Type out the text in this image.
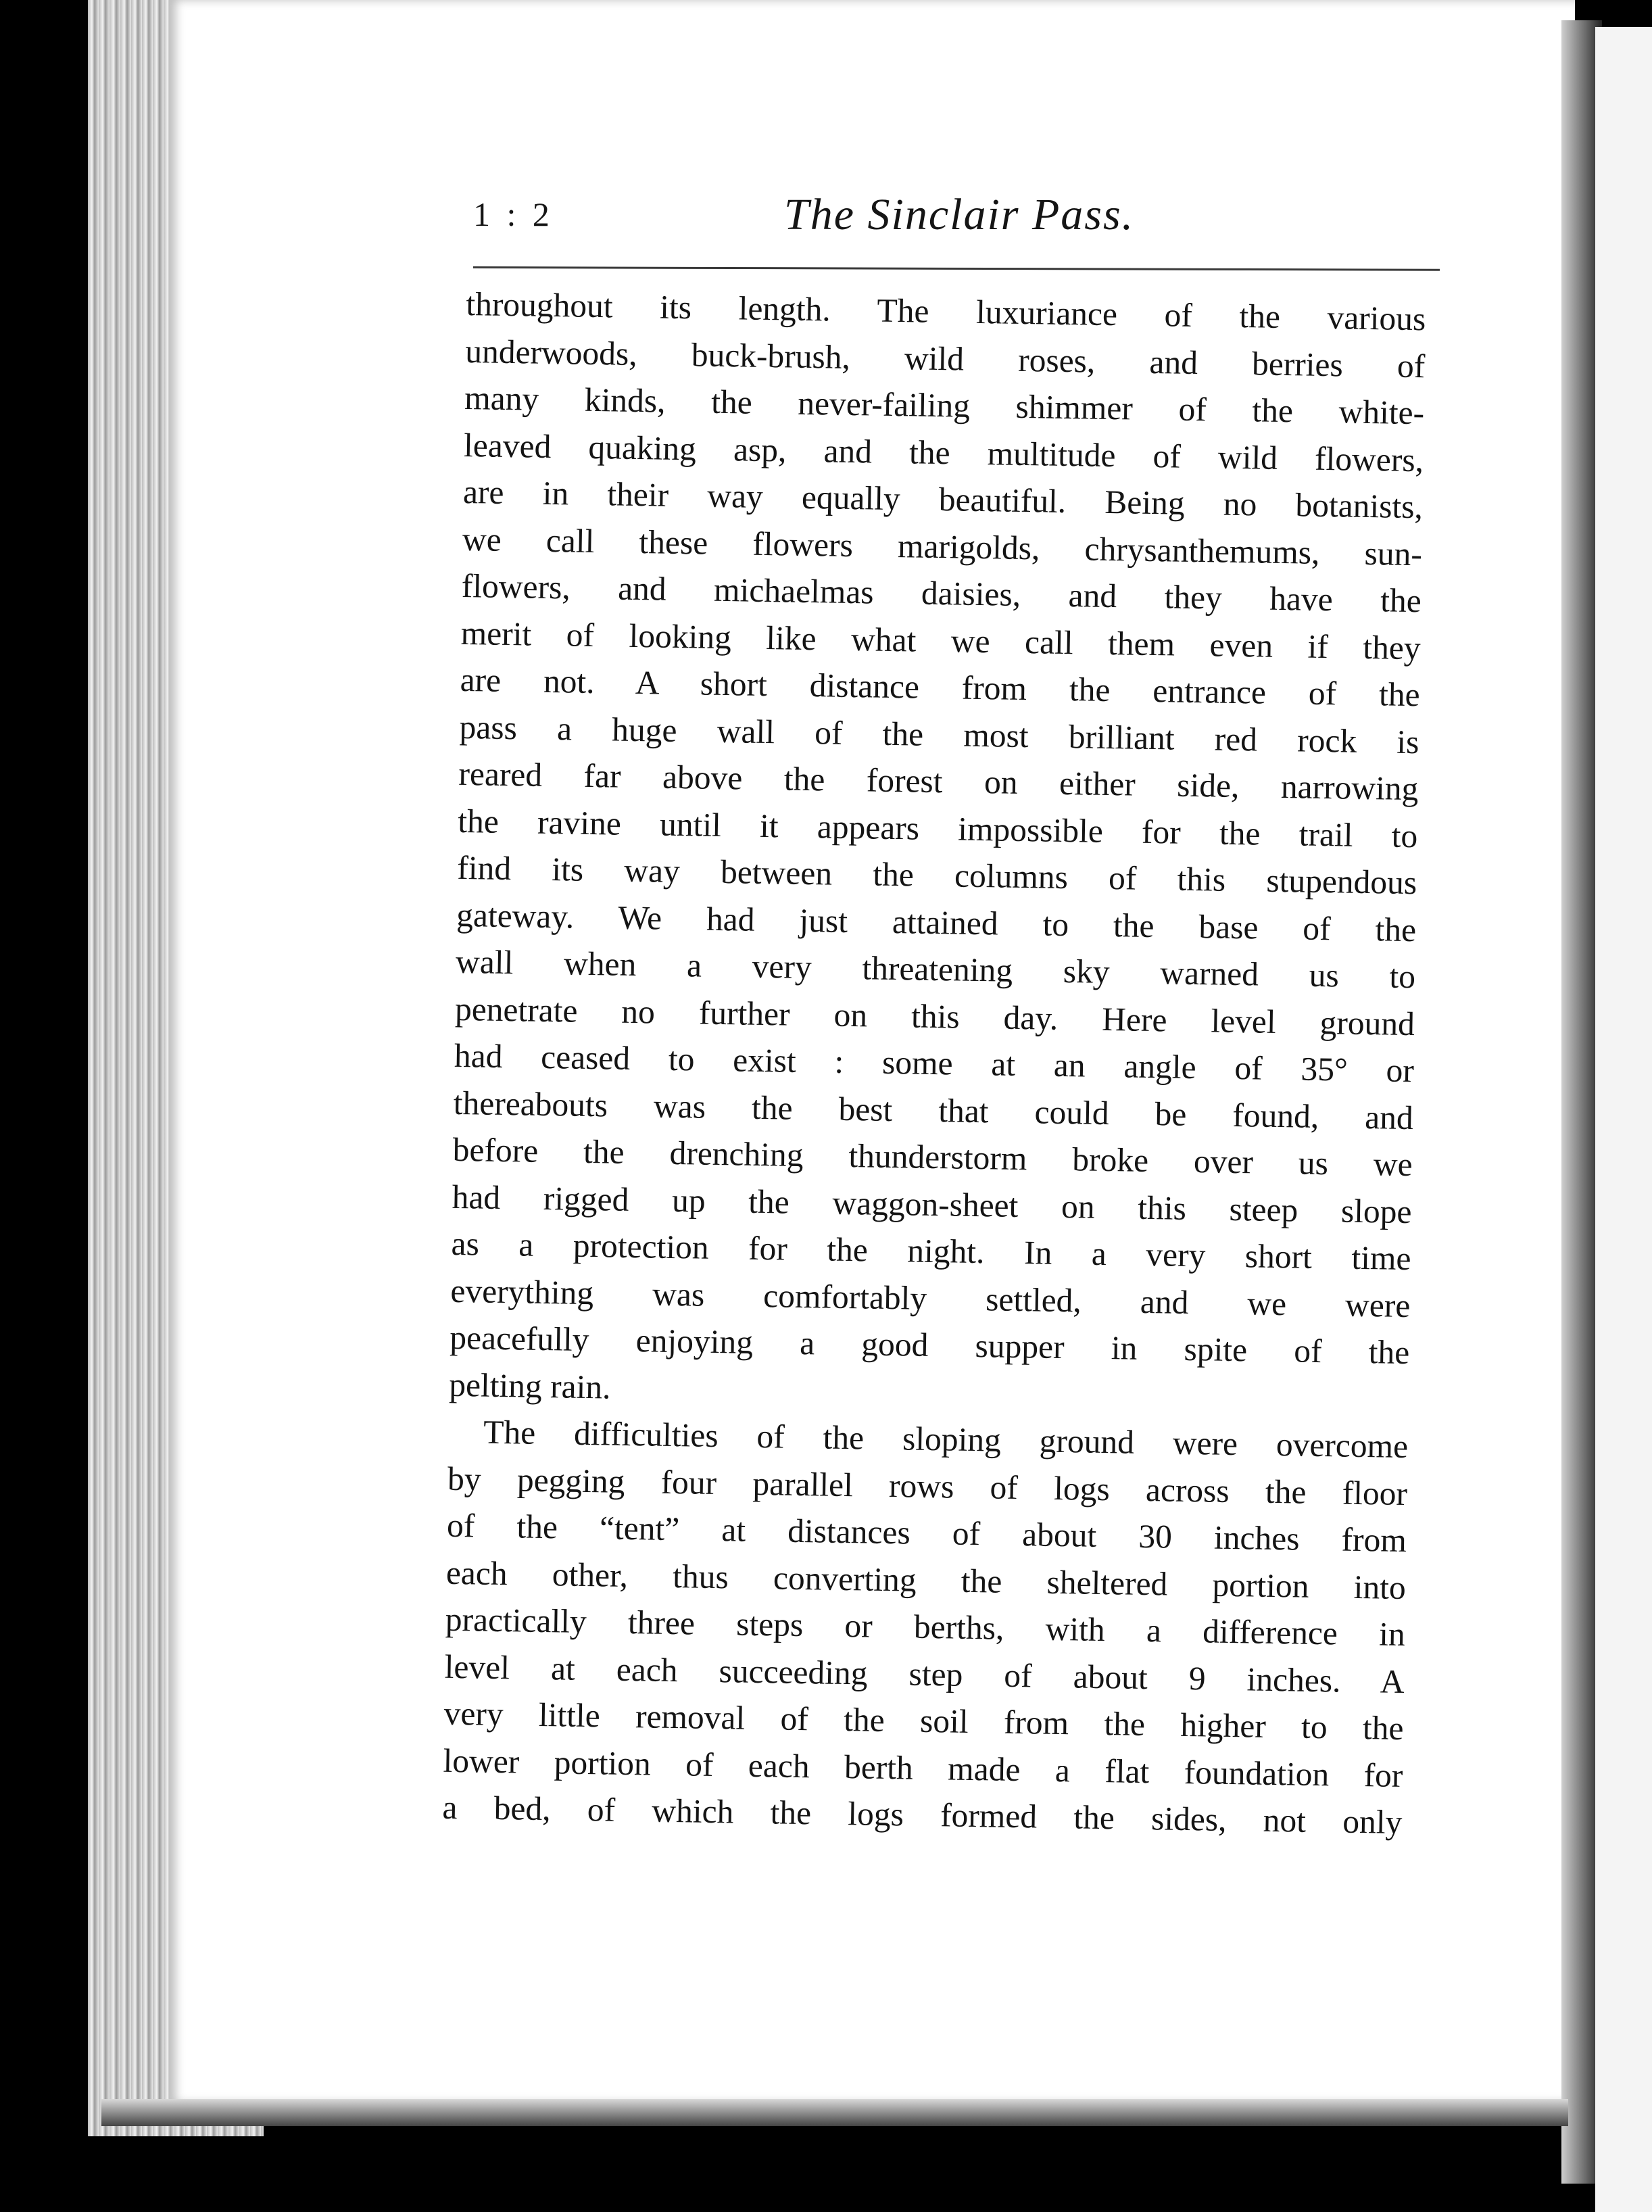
1 : 2	The Sinclair Pass.
throughout its length. The luxuriance of the various
underwoods, buck-brush, wild roses, and berries of
many kinds, the never-failing shimmer of the white-
leaved quaking asp, and the multitude of wild flowers,
are in their way equally beautiful. Being no botanists,
we call these flowers marigolds, chrysanthemums, sun-
flowers, and michaelmas daisies, and they have the
merit of looking like what we call them even if they
are not. A short distance from the entrance of the
pass a huge wall of the most brilliant red rock is
reared far above the forest on either side, narrowing
the ravine until it appears impossible for the trail to
find its way between the columns of this stupendous
gateway. We had just attained to the base of the
wall when a very threatening sky warned us to
penetrate no further on this day. Here level ground
had ceased to exist : some at an angle of 35° or
thereabouts was the best that could be found, and
before the drenching thunderstorm broke over us we
had rigged up the waggon-sheet on this steep slope
as a protection for the night. In a very short time
everything was comfortably settled, and we were
peacefully enjoying a good supper in spite of the
pelting rain.
The difficulties of the sloping ground were overcome
by pegging four parallel rows of logs across the floor
of the “tent” at distances of about 30 inches from
each other, thus converting the sheltered portion into
practically three steps or berths, with a difference in
level at each succeeding step of about 9 inches. A
very little removal of the soil from the higher to the
lower portion of each berth made a flat foundation for
a bed, of which the logs formed the sides, not only
